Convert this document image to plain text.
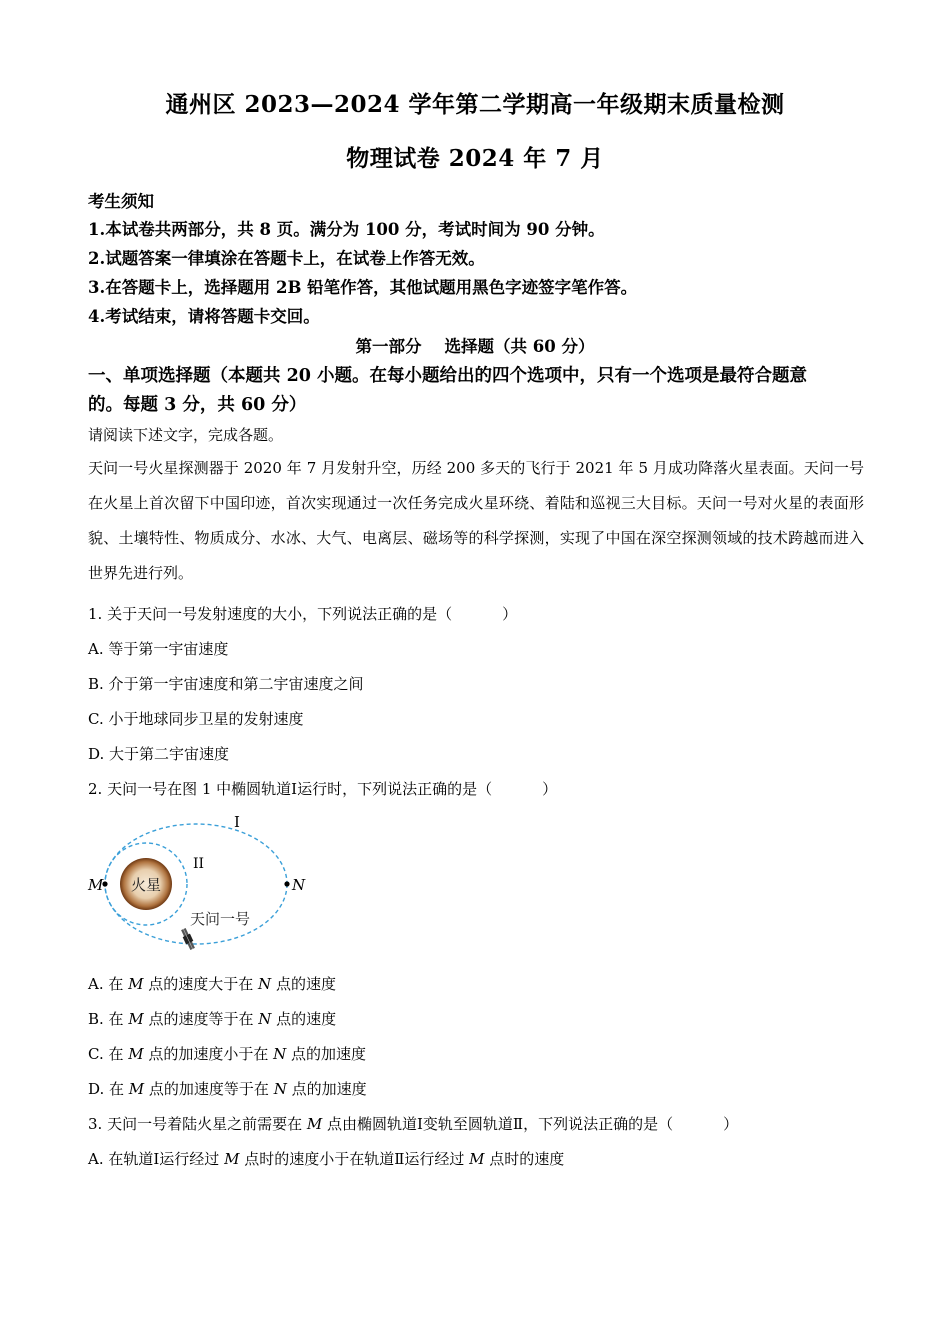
通州区 2023—2024 学年第二学期高一年级期末质量检测
物理试卷 2024 年 7 月
考生须知
1.本试卷共两部分，共 8 页。满分为 100 分，考试时间为 90 分钟。
2.试题答案一律填涂在答题卡上，在试卷上作答无效。
3.在答题卡上，选择题用 2B 铅笔作答，其他试题用黑色字迹签字笔作答。
4.考试结束，请将答题卡交回。
第一部分    选择题（共 60 分）
一、单项选择题（本题共 20 小题。在每小题给出的四个选项中，只有一个选项是最符合题意
的。每题 3 分，共 60 分）
请阅读下述文字，完成各题。
天问一号火星探测器于 2020 年 7 月发射升空，历经 200 多天的飞行于 2021 年 5 月成功降落火星表面。天问一号在火星上首次留下中国印迹，首次实现通过一次任务完成火星环绕、着陆和巡视三大目标。天问一号对火星的表面形貌、土壤特性、物质成分、水冰、大气、电离层、磁场等的科学探测，实现了中国在深空探测领域的技术跨越而进入世界先进行列。
1. 关于天问一号发射速度的大小，下列说法正确的是（	）
A. 等于第一宇宙速度
B. 介于第一宇宙速度和第二宇宙速度之间
C. 小于地球同步卫星的发射速度
D. 大于第二宇宙速度
2. 天问一号在图 1 中椭圆轨道Ⅰ运行时，下列说法正确的是（	）
火星
M	N
I
II
天问一号
A. 在 M 点的速度大于在 N 点的速度
B. 在 M 点的速度等于在 N 点的速度
C. 在 M 点的加速度小于在 N 点的加速度
D. 在 M 点的加速度等于在 N 点的加速度
3. 天问一号着陆火星之前需要在 M 点由椭圆轨道Ⅰ变轨至圆轨道Ⅱ，下列说法正确的是（	）
A. 在轨道Ⅰ运行经过 M 点时的速度小于在轨道Ⅱ运行经过 M 点时的速度
